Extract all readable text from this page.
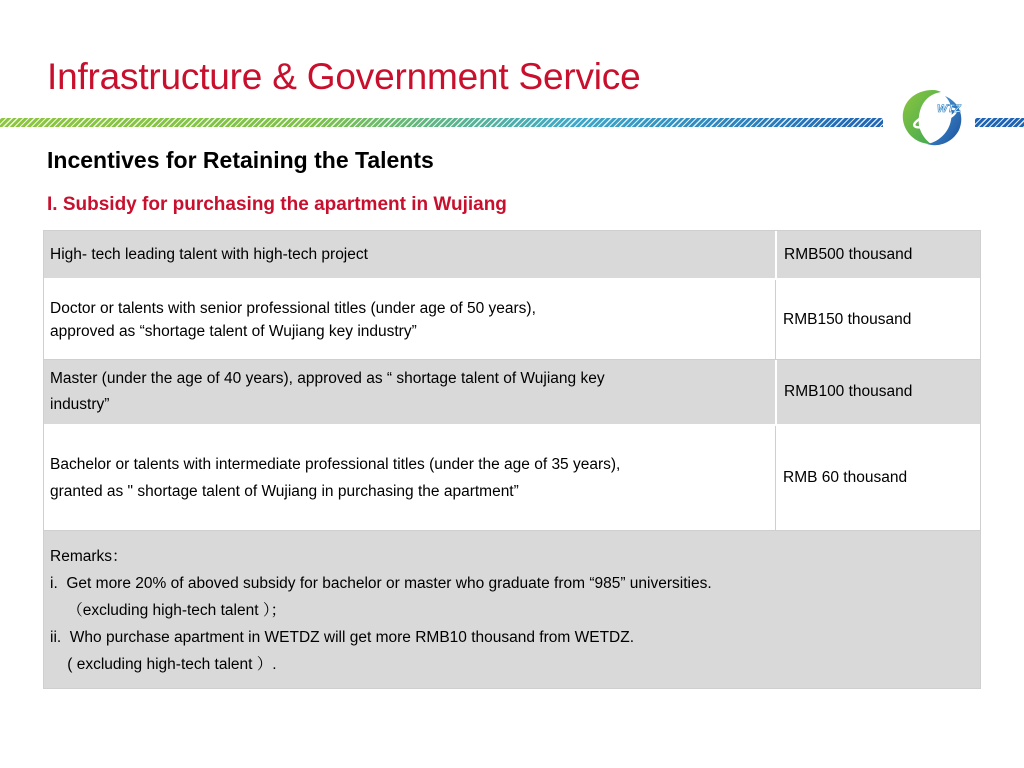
Infrastructure & Government Service
WTZ
Incentives for Retaining the Talents
I. Subsidy for purchasing the apartment in Wujiang
High- tech leading talent with high-tech project	RMB500 thousand
Doctor or talents with senior professional titles (under age of 50 years),
approved as “shortage talent of Wujiang key industry”
RMB150 thousand
Master (under the age of 40 years), approved as “ shortage talent of Wujiang key
industry”
RMB100 thousand
Bachelor or talents with intermediate professional titles (under the age of 35 years),
granted as " shortage talent of Wujiang in purchasing the apartment”
RMB 60 thousand
Remarks：
i.  Get more 20% of aboved subsidy for bachelor or master who graduate from “985” universities.
（excluding high-tech talent ）；
ii.  Who purchase apartment in WETDZ will get more RMB10 thousand from WETDZ.
( excluding high-tech talent ）.
